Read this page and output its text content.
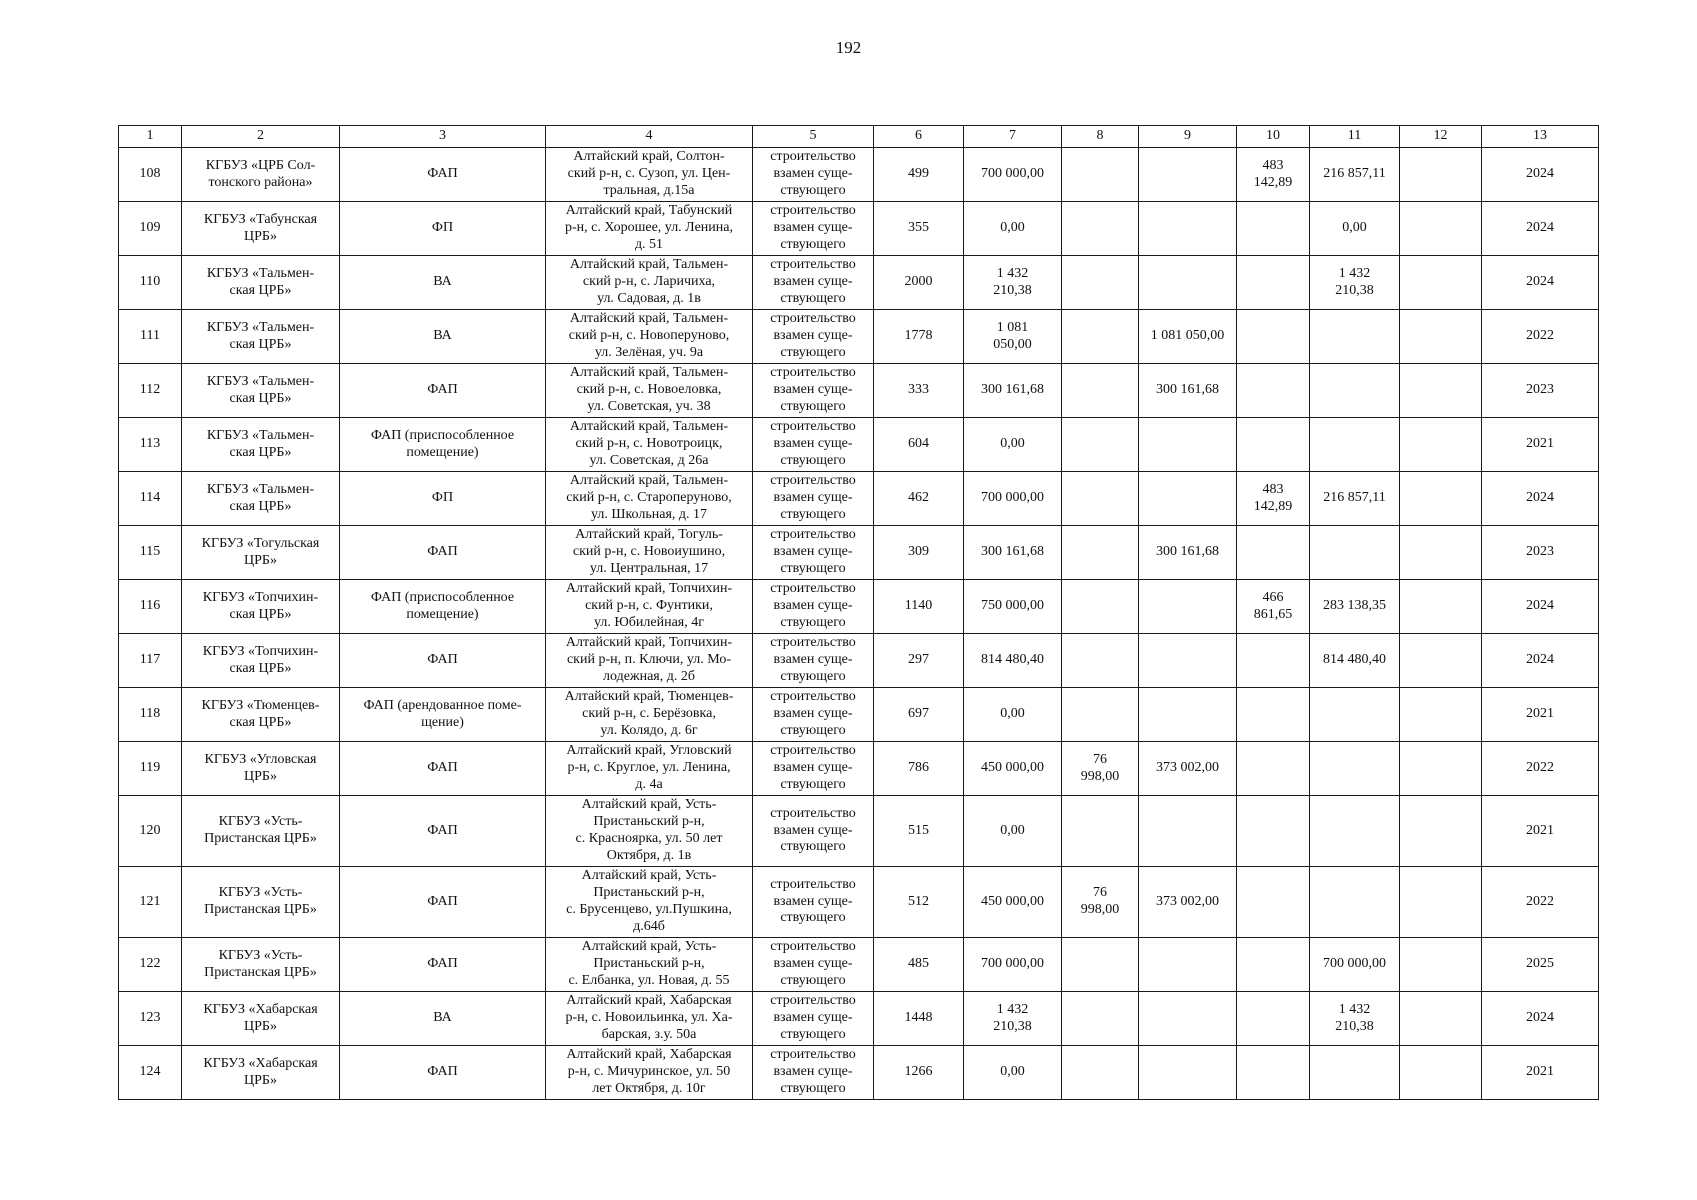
192
1	2	3	4	5	6	7	8	9	10	11	12	13
108	КГБУЗ «ЦРБ Сол-
тонского района»	ФАП	Алтайский край, Солтон-
ский р-н, с. Сузоп, ул. Цен-
тральная, д.15а	строительство
взамен суще-
ствующего	499	700 000,00			483
142,89	216 857,11		2024
109	КГБУЗ «Табунская
ЦРБ»	ФП	Алтайский край, Табунский
р-н, с. Хорошее, ул. Ленина,
д. 51	строительство
взамен суще-
ствующего	355	0,00				0,00		2024
110	КГБУЗ «Тальмен-
ская ЦРБ»	ВА	Алтайский край, Тальмен-
ский р-н, с. Ларичиха,
ул. Садовая, д. 1в	строительство
взамен суще-
ствующего	2000	1 432
210,38				1 432
210,38		2024
111	КГБУЗ «Тальмен-
ская ЦРБ»	ВА	Алтайский край, Тальмен-
ский р-н, с. Новоперуново,
ул. Зелёная, уч. 9а	строительство
взамен суще-
ствующего	1778	1 081
050,00		1 081 050,00				2022
112	КГБУЗ «Тальмен-
ская ЦРБ»	ФАП	Алтайский край, Тальмен-
ский р-н, с. Новоеловка,
ул. Советская, уч. 38	строительство
взамен суще-
ствующего	333	300 161,68		300 161,68				2023
113	КГБУЗ «Тальмен-
ская ЦРБ»	ФАП (приспособленное
помещение)	Алтайский край, Тальмен-
ский р-н, с. Новотроицк,
ул. Советская, д 26а	строительство
взамен суще-
ствующего	604	0,00						2021
114	КГБУЗ «Тальмен-
ская ЦРБ»	ФП	Алтайский край, Тальмен-
ский р-н, с. Староперуново,
ул. Школьная, д. 17	строительство
взамен суще-
ствующего	462	700 000,00			483
142,89	216 857,11		2024
115	КГБУЗ «Тогульская
ЦРБ»	ФАП	Алтайский край, Тогуль-
ский р-н, с. Новоиушино,
ул. Центральная, 17	строительство
взамен суще-
ствующего	309	300 161,68		300 161,68				2023
116	КГБУЗ «Топчихин-
ская ЦРБ»	ФАП (приспособленное
помещение)	Алтайский край, Топчихин-
ский р-н, с. Фунтики,
ул. Юбилейная, 4г	строительство
взамен суще-
ствующего	1140	750 000,00			466
861,65	283 138,35		2024
117	КГБУЗ «Топчихин-
ская ЦРБ»	ФАП	Алтайский край, Топчихин-
ский р-н, п. Ключи, ул. Мо-
лодежная, д. 2б	строительство
взамен суще-
ствующего	297	814 480,40				814 480,40		2024
118	КГБУЗ «Тюменцев-
ская ЦРБ»	ФАП (арендованное поме-
щение)	Алтайский край, Тюменцев-
ский р-н, с. Берёзовка,
ул. Колядо, д. 6г	строительство
взамен суще-
ствующего	697	0,00						2021
119	КГБУЗ «Угловская
ЦРБ»	ФАП	Алтайский край, Угловский
р-н, с. Круглое, ул. Ленина,
д. 4а	строительство
взамен суще-
ствующего	786	450 000,00	76
998,00	373 002,00				2022
120	КГБУЗ «Усть-
Пристанская ЦРБ»	ФАП	Алтайский край, Усть-
Пристаньский р-н,
с. Краснoярка, ул. 50 лет
Октября, д. 1в	строительство
взамен суще-
ствующего	515	0,00						2021
121	КГБУЗ «Усть-
Пристанская ЦРБ»	ФАП	Алтайский край, Усть-
Пристаньский р-н,
с. Брусенцево, ул.Пушкина,
д.64б	строительство
взамен суще-
ствующего	512	450 000,00	76
998,00	373 002,00				2022
122	КГБУЗ «Усть-
Пристанская ЦРБ»	ФАП	Алтайский край, Усть-
Пристаньский р-н,
с. Елбанка, ул. Новая, д. 55	строительство
взамен суще-
ствующего	485	700 000,00				700 000,00		2025
123	КГБУЗ «Хабарская
ЦРБ»	ВА	Алтайский край, Хабарская
р-н, с. Новоильинка, ул. Ха-
барская, з.у. 50а	строительство
взамен суще-
ствующего	1448	1 432
210,38				1 432
210,38		2024
124	КГБУЗ «Хабарская
ЦРБ»	ФАП	Алтайский край, Хабарская
р-н, с. Мичуринское, ул. 50
лет Октября, д. 10г	строительство
взамен суще-
ствующего	1266	0,00						2021
